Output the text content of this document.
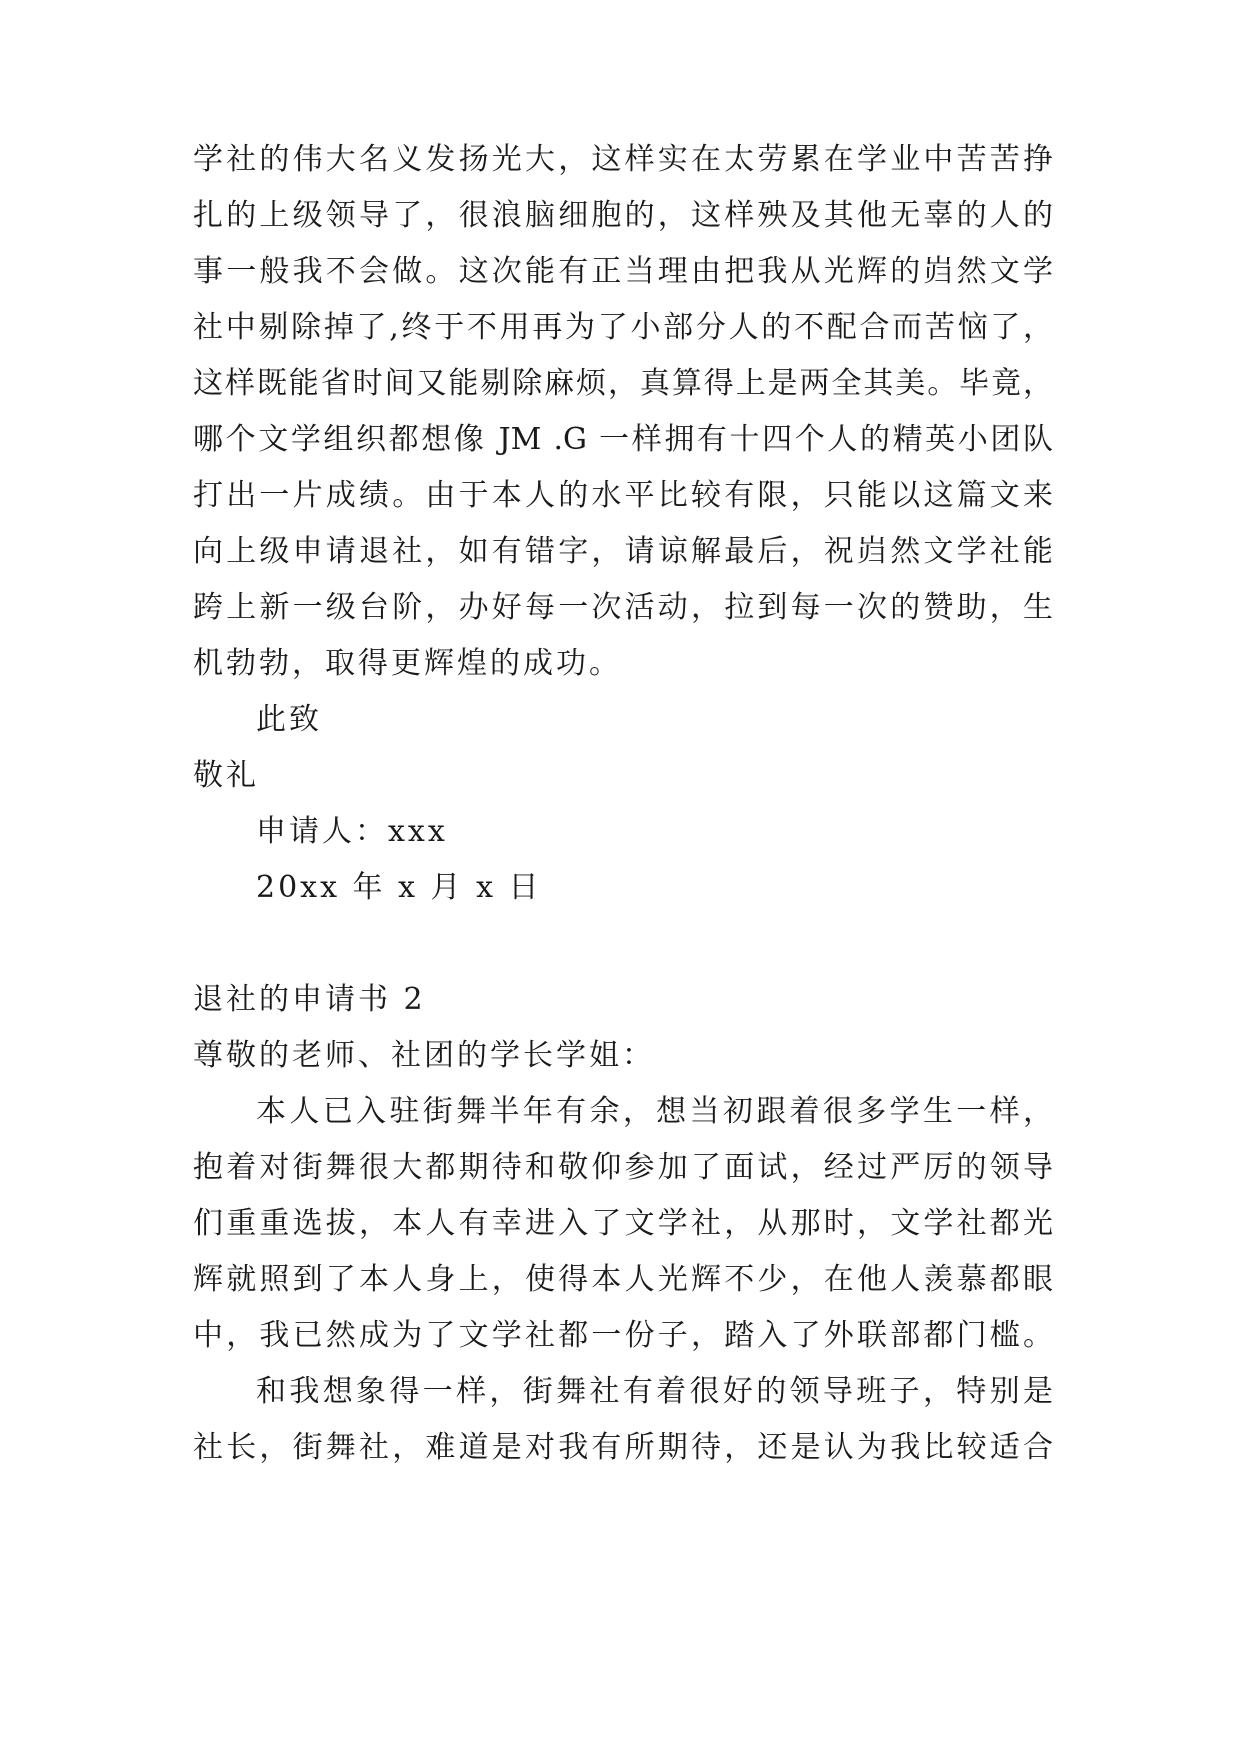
学社的伟大名义发扬光大，这样实在太劳累在学业中苦苦挣
扎的上级领导了，很浪脑细胞的，这样殃及其他无辜的人的
事一般我不会做。这次能有正当理由把我从光辉的岿然文学
社中剔除掉了,终于不用再为了小部分人的不配合而苦恼了，
这样既能省时间又能剔除麻烦，真算得上是两全其美。毕竟，
哪个文学组织都想像 JM .G 一样拥有十四个人的精英小团队
打出一片成绩。由于本人的水平比较有限，只能以这篇文来
向上级申请退社，如有错字，请谅解最后，祝岿然文学社能
跨上新一级台阶，办好每一次活动，拉到每一次的赞助，生
机勃勃，取得更辉煌的成功。
此致
敬礼
申请人：xxx
20xx 年 x 月 x 日
退社的申请书 2
尊敬的老师、社团的学长学姐：
本人已入驻街舞半年有余，想当初跟着很多学生一样，
抱着对街舞很大都期待和敬仰参加了面试，经过严厉的领导
们重重选拔，本人有幸进入了文学社，从那时，文学社都光
辉就照到了本人身上，使得本人光辉不少，在他人羡慕都眼
中，我已然成为了文学社都一份子，踏入了外联部都门槛。
和我想象得一样，街舞社有着很好的领导班子，特别是
社长，街舞社，难道是对我有所期待，还是认为我比较适合
